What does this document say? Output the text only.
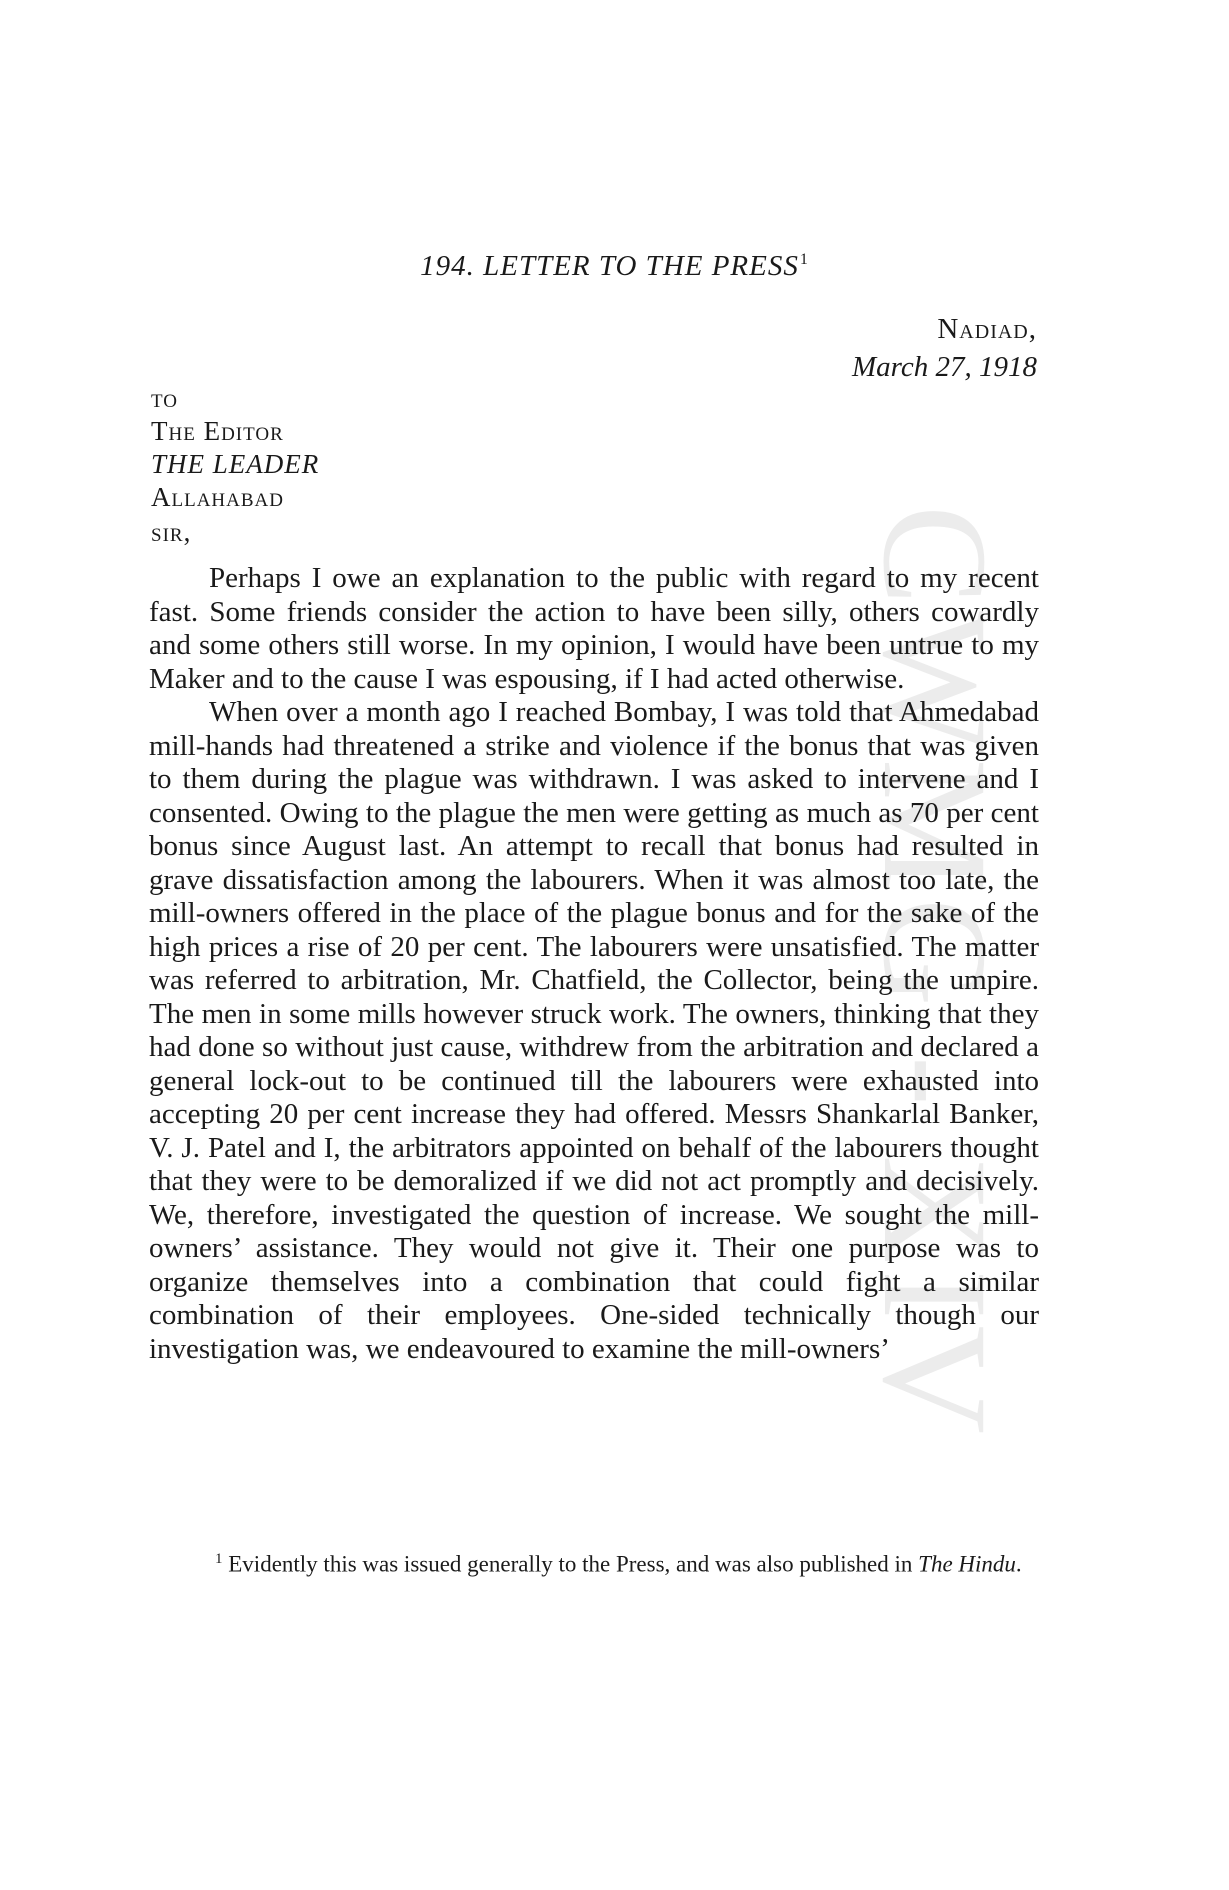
CWMG - XIV
194. LETTER TO THE PRESS$^1$
Nadiad,
March 27, 1918
to
The Editor
THE LEADER
Allahabad
sir,

Perhaps I owe an explanation to the public with regard to my recent fast. Some friends consider the action to have been silly, others cowardly and some others still worse. In my opinion, I would have been untrue to my Maker and to the cause I was espousing, if I had acted otherwise.

When over a month ago I reached Bombay, I was told that Ahmedabad mill-hands had threatened a strike and violence if the bonus that was given to them during the plague was withdrawn. I was asked to intervene and I consented. Owing to the plague the men were getting as much as 70 per cent bonus since August last. An attempt to recall that bonus had resulted in grave dissatisfaction among the labourers. When it was almost too late, the mill-owners offered in the place of the plague bonus and for the sake of the high prices a rise of 20 per cent. The labourers were unsatisfied. The matter was referred to arbitration, Mr. Chatfield, the Collector, being the umpire. The men in some mills however struck work. The owners, thinking that they had done so without just cause, withdrew from the arbitration and declared a general lock-out to be continued till the labourers were exhausted into accepting 20 per cent increase they had offered. Messrs Shankarlal Banker, V. J. Patel and I, the arbitrators appointed on behalf of the labourers thought that they were to be demoralized if we did not act promptly and decisively. We, therefore, investigated the question of increase. We sought the mill-owners’ assistance. They would not give it. Their one purpose was to organize themselves into a combination that could fight a similar combination of their employees. One-sided technically though our investigation was, we endeavoured to examine the mill-owners’

$^1$ Evidently this was issued generally to the Press, and was also published in The Hindu.
